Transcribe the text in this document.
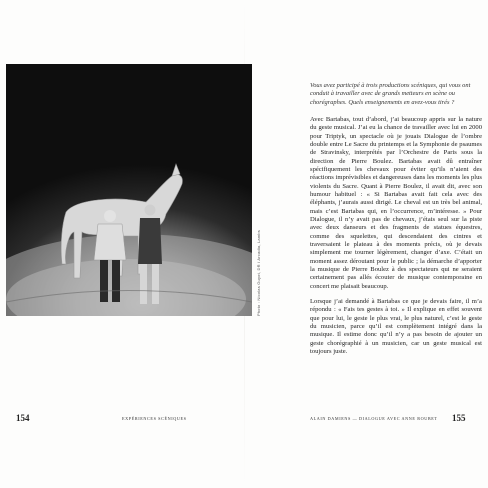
Photo : Nicolas Guyot, DR / Arcadia, Lambs
154	EXPÉRIENCES SCÉNIQUES

Vous avez participé à trois productions scéniques, qui vous ont conduit à travailler avec de grands metteurs en scène ou chorégraphes. Quels enseignements en avez-vous tirés ?

Avec Bartabas, tout d’abord, j’ai beaucoup appris sur la nature du geste musical. J’ai eu la chance de travailler avec lui en 2000 pour Triptyk, un spectacle où je jouais Dialogue de l’ombre double entre Le Sacre du printemps et la Symphonie de psaumes de Stravinsky, interprétés par l’Orchestre de Paris sous la direction de Pierre Boulez. Bartabas avait dû entraîner spécifiquement les chevaux pour éviter qu’ils n’aient des réactions imprévisibles et dangereuses dans les moments les plus violents du Sacre. Quant à Pierre Boulez, il avait dit, avec son humour habituel : « Si Bartabas avait fait cela avec des éléphants, j’aurais aussi dirigé. Le cheval est un très bel animal, mais c’est Bartabas qui, en l’occurrence, m’intéresse. » Pour Dialogue, il n’y avait pas de chevaux, j’étais seul sur la piste avec deux danseurs et des fragments de statues équestres, comme des squelettes, qui descendaient des cintres et traversaient le plateau à des moments précis, où je devais simplement me tourner légèrement, changer d’axe. C’était un moment assez déroutant pour le public ; la démarche d’apporter la musique de Pierre Boulez à des spectateurs qui ne seraient certainement pas allés écouter de musique contemporaine en concert me plaisait beaucoup.

Lorsque j’ai demandé à Bartabas ce que je devais faire, il m’a répondu : « Fais tes gestes à toi. » Il explique en effet souvent que pour lui, le geste le plus vrai, le plus naturel, c’est le geste du musicien, parce qu’il est complètement intégré dans la musique. Il estime donc qu’il n’y a pas besoin de ajouter un geste chorégraphié à un musicien, car un geste musical est toujours juste.

ALAIN DAMIENS — DIALOGUE AVEC ANNE ROUBET 155
